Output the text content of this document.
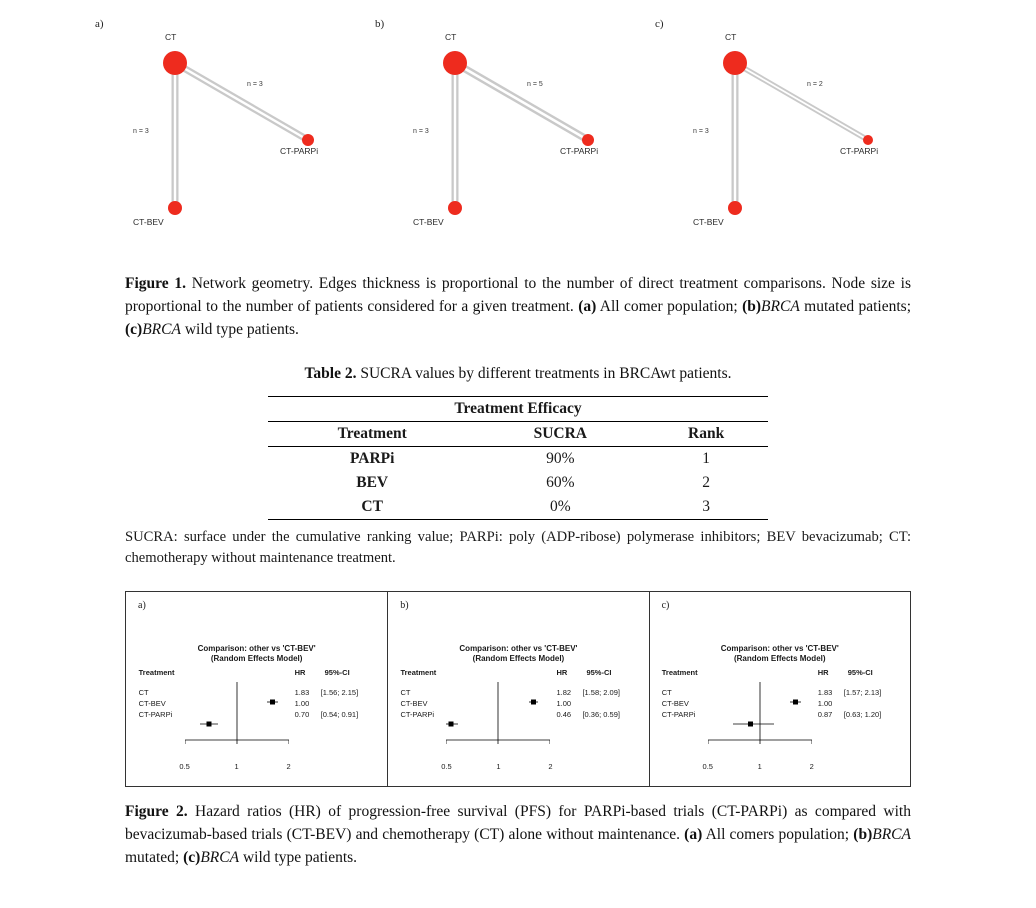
a)
CT
CT-PARPi
CT-BEV
n = 3
n = 3
b)
CT
CT-PARPi
CT-BEV
n = 5
n = 3
c)
CT
CT-PARPi
CT-BEV
n = 2
n = 3
Figure 1. Network geometry. Edges thickness is proportional to the number of direct treatment comparisons. Node size is proportional to the number of patients considered for a given treatment. (a) All comer population; (b)BRCA mutated patients; (c)BRCA wild type patients.
Table 2. SUCRA values by different treatments in BRCAwt patients.
Treatment Efficacy		
Treatment	SUCRA	Rank
PARPi	90%	1
BEV	60%	2
CT	0%	3
SUCRA: surface under the cumulative ranking value; PARPi: poly (ADP-ribose) polymerase inhibitors; BEV bevacizumab; CT: chemotherapy without maintenance treatment.
a)
Comparison: other vs 'CT-BEV'
(Random Effects Model)
Treatment	HR	95%-CI
CT	1.83 [1.56; 2.15]
CT-BEV	1.00
CT-PARPi	0.70 [0.54; 0.91]
0.5	1	2
b)
Comparison: other vs 'CT-BEV'
(Random Effects Model)
Treatment	HR	95%-CI
CT	1.82 [1.58; 2.09]
CT-BEV	1.00
CT-PARPi	0.46 [0.36; 0.59]
0.5	1	2
c)
Comparison: other vs 'CT-BEV'
(Random Effects Model)
Treatment	HR	95%-CI
CT	1.83 [1.57; 2.13]
CT-BEV	1.00
CT-PARPi	0.87 [0.63; 1.20]
0.5	1	2
Figure 2. Hazard ratios (HR) of progression-free survival (PFS) for PARPi-based trials (CT-PARPi) as compared with bevacizumab-based trials (CT-BEV) and chemotherapy (CT) alone without maintenance. (a) All comers population; (b)BRCA mutated; (c)BRCA wild type patients.
